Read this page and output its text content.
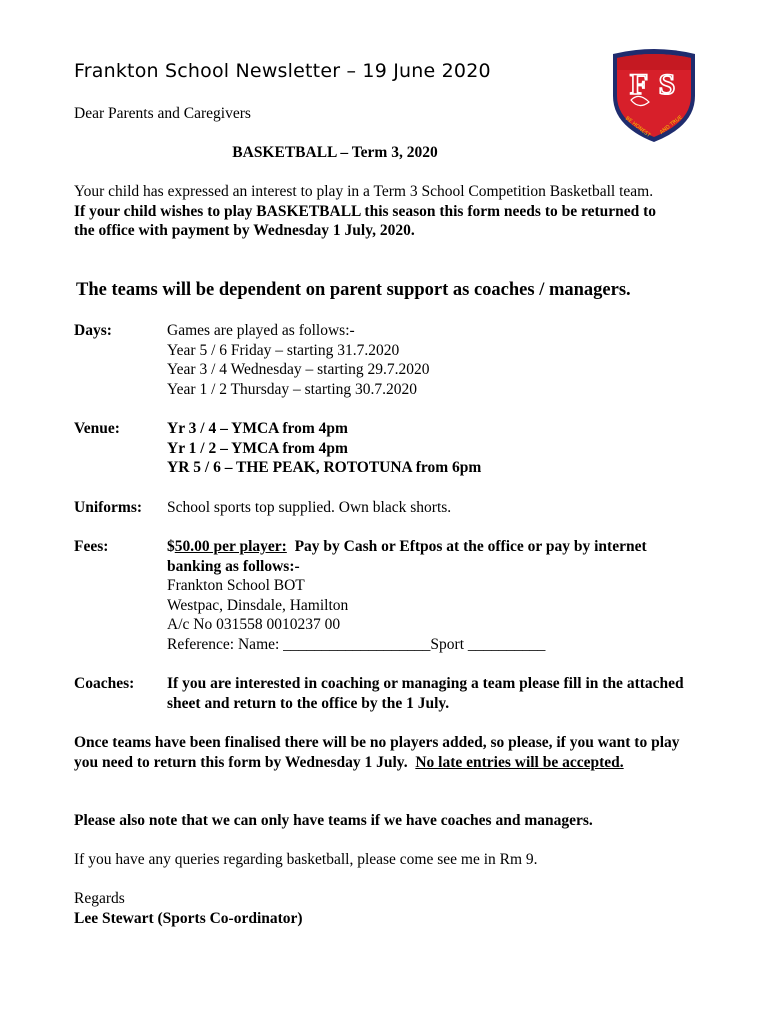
Frankton School Newsletter – 19 June 2020	F S
BE HONEST AND TRUE
Dear Parents and Caregivers
BASKETBALL – Term 3, 2020
Your child has expressed an interest to play in a Term 3 School Competition Basketball team.   If your child wishes to play BASKETBALL this season this form needs to be returned to the office with payment by Wednesday 1 July, 2020.
The teams will be dependent on parent support as coaches / managers.
Days:	Games are played as follows:-
Year 5 / 6 Friday – starting 31.7.2020
Year 3 / 4 Wednesday – starting 29.7.2020
Year 1 / 2 Thursday – starting 30.7.2020
Venue:	Yr 3 / 4 – YMCA from 4pm
Yr 1 / 2 – YMCA from 4pm
YR 5 / 6 – THE PEAK, ROTOTUNA from 6pm
Uniforms: School sports top supplied. Own black shorts.
Fees:	$50.00 per player: Pay by Cash or Eftpos at the office or pay by internet banking as follows:-
Frankton School BOT
Westpac, Dinsdale, Hamilton
A/c No 031558 0010237 00
Reference: Name: ___________________Sport __________
Coaches: If you are interested in coaching or managing a team please fill in the attached sheet and return to the office by the 1 July.
Once teams have been finalised there will be no players added, so please, if you want to play you need to return this form by Wednesday 1 July. No late entries will be accepted.
Please also note that we can only have teams if we have coaches and managers.
If you have any queries regarding basketball, please come see me in Rm 9.
Regards
Lee Stewart (Sports Co-ordinator)
